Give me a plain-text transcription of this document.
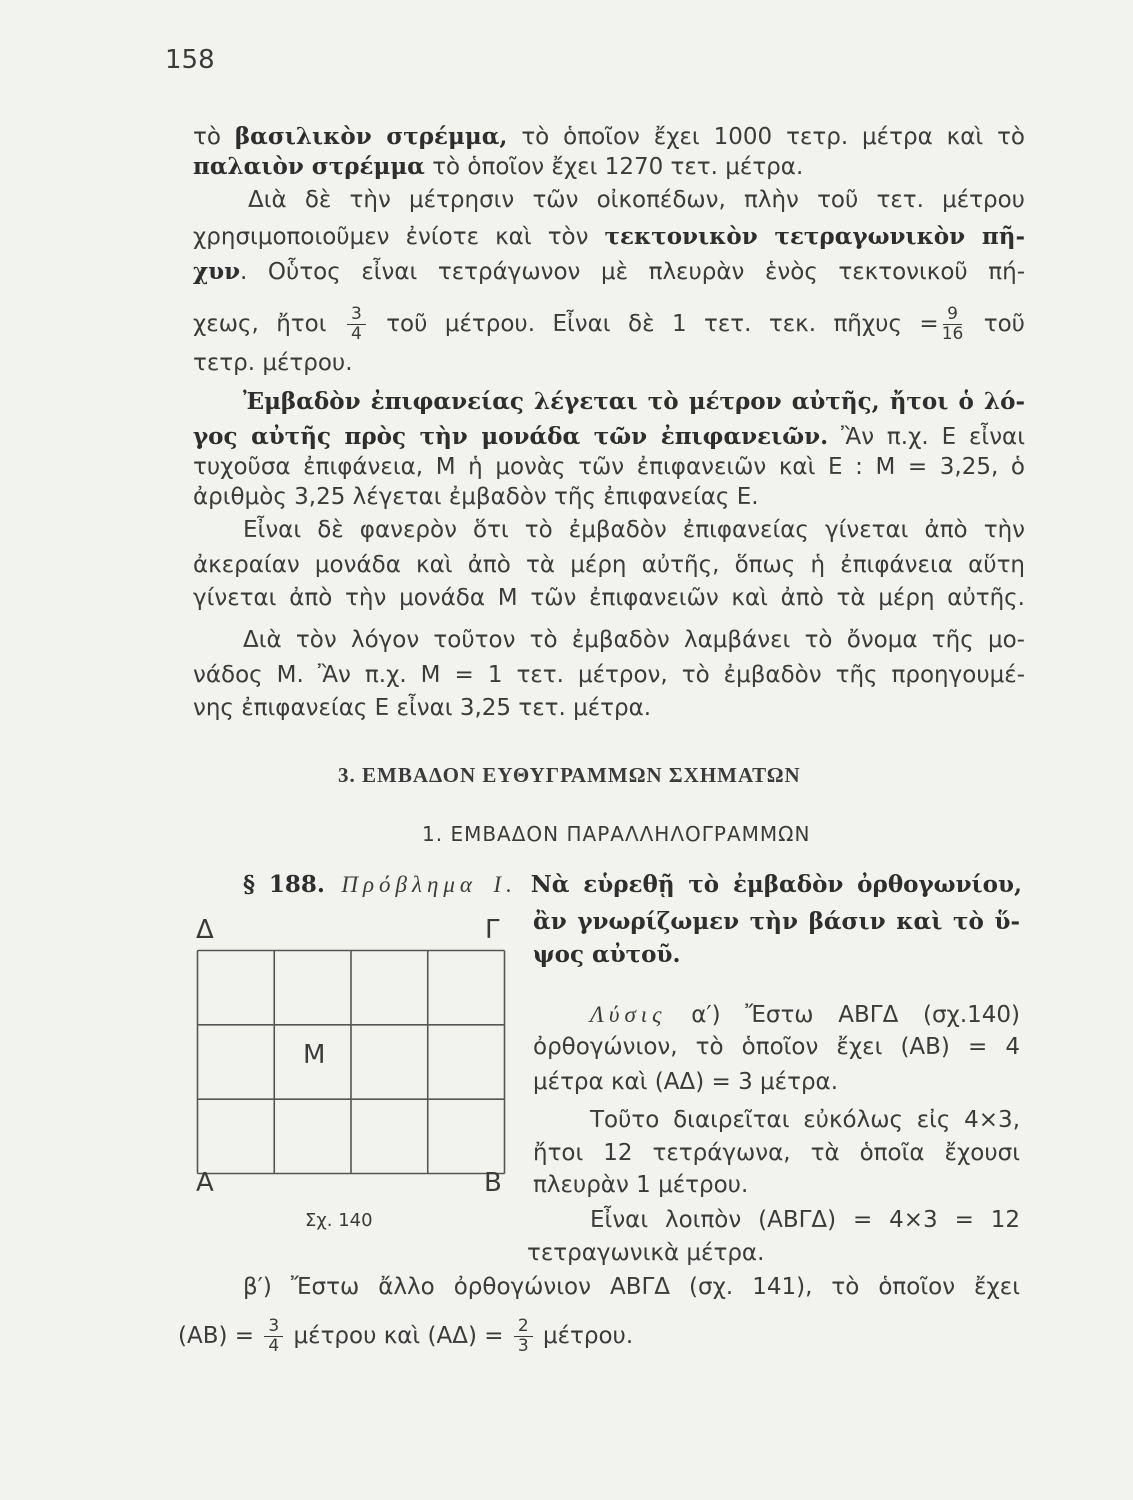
158
τὸ βασιλικὸν στρέμμα, τὸ ὁποῖον ἔχει 1000 τετρ. μέτρα καὶ τὸ
παλαιὸν στρέμμα τὸ ὁποῖον ἔχει 1270 τετ. μέτρα.
Διὰ δὲ τὴν μέτρησιν τῶν οἰκοπέδων, πλὴν τοῦ τετ. μέτρου
χρησιμοποιοῦμεν ἐνίοτε καὶ τὸν τεκτονικὸν τετραγωνικὸν πῆ-
χυν. Οὗτος εἶναι τετράγωνον μὲ πλευρὰν ἑνὸς τεκτονικοῦ πή-
χεως, ἤτοι $\frac{3}{4}$ τοῦ μέτρου. Εἶναι δὲ 1 τετ. τεκ. πῆχυς = $\frac{9}{16}$ τοῦ
τετρ. μέτρου.
Ἐμβαδὸν ἐπιφανείας λέγεται τὸ μέτρον αὐτῆς, ἤτοι ὁ λό-
γος αὐτῆς πρὸς τὴν μονάδα τῶν ἐπιφανειῶν. Ἂν π.χ. Ε εἶναι
τυχοῦσα ἐπιφάνεια, Μ ἡ μονὰς τῶν ἐπιφανειῶν καὶ Ε : Μ = 3,25, ὁ
ἀριθμὸς 3,25 λέγεται ἐμβαδὸν τῆς ἐπιφανείας Ε.
Εἶναι δὲ φανερὸν ὅτι τὸ ἐμβαδὸν ἐπιφανείας γίνεται ἀπὸ τὴν
ἀκεραίαν μονάδα καὶ ἀπὸ τὰ μέρη αὐτῆς, ὅπως ἡ ἐπιφάνεια αὕτη
γίνεται ἀπὸ τὴν μονάδα Μ τῶν ἐπιφανειῶν καὶ ἀπὸ τὰ μέρη αὐτῆς.
Διὰ τὸν λόγον τοῦτον τὸ ἐμβαδὸν λαμβάνει τὸ ὄνομα τῆς μο-
νάδος Μ. Ἂν π.χ. Μ = 1 τετ. μέτρον, τὸ ἐμβαδὸν τῆς προηγουμέ-
νης ἐπιφανείας Ε εἶναι 3,25 τετ. μέτρα.
3. ΕΜΒΑΔΟΝ ΕΥΘΥΓΡΑΜΜΩΝ ΣΧΗΜΑΤΩΝ
1. ΕΜΒΑΔΟΝ ΠΑΡΑΛΛΗΛΟΓΡΑΜΜΩΝ
§ 188. Πρόβλημα Ι. Νὰ εὑρεθῇ τὸ ἐμβαδὸν ὀρθογωνίου,
ἂν γνωρίζωμεν τὴν βάσιν καὶ τὸ ὕ-
ψος αὐτοῦ.
Λύσις α′) Ἔστω ΑΒΓΔ (σχ.140)
ὀρθογώνιον, τὸ ὁποῖον ἔχει (ΑΒ) = 4
μέτρα καὶ (ΑΔ) = 3 μέτρα.
Τοῦτο διαιρεῖται εὐκόλως εἰς 4×3,
ἤτοι 12 τετράγωνα, τὰ ὁποῖα ἔχουσι
πλευρὰν 1 μέτρου.
Εἶναι λοιπὸν (ΑΒΓΔ) = 4×3 = 12
τετραγωνικὰ μέτρα.
β′) Ἔστω ἄλλο ὀρθογώνιον ΑΒΓΔ (σχ. 141), τὸ ὁποῖον ἔχει
$(AB) = \frac{3}{4}$ μέτρου καὶ $(A\Delta) = \frac{2}{3} \mu έ\tau\rho o\upsilon$.
Δ	Γ
Α	Β
Μ
Σχ. 140
